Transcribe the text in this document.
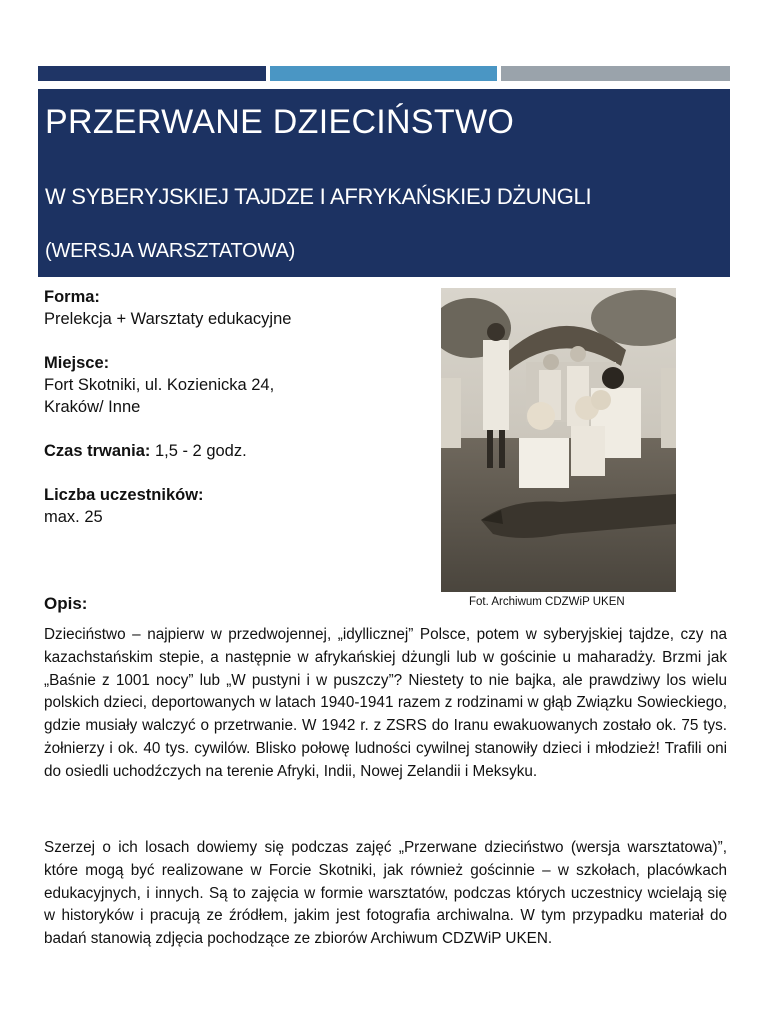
PRZERWANE DZIECIŃSTWO
W SYBERYJSKIEJ TAJDZE I AFRYKAŃSKIEJ DŻUNGLI
(WERSJA WARSZTATOWA)
Forma:
Prelekcja + Warsztaty edukacyjne
Miejsce:
Fort Skotniki, ul. Kozienicka 24,
Kraków/ Inne
Czas trwania: 1,5 - 2 godz.
Liczba uczestników:
max. 25
Fot. Archiwum CDZWiP UKEN
Opis:

Dzieciństwo – najpierw w przedwojennej, „idyllicznej” Polsce, potem w syberyjskiej tajdze, czy na kazachstańskim stepie, a następnie w afrykańskiej dżungli lub w gościnie u maharadży. Brzmi jak „Baśnie z 1001 nocy” lub „W pustyni i w puszczy”? Niestety to nie bajka, ale prawdziwy los wielu polskich dzieci, deportowanych w latach 1940-1941 razem z rodzinami w głąb Związku Sowieckiego, gdzie musiały walczyć o przetrwanie. W 1942 r. z ZSRS do Iranu ewakuowanych zostało ok. 75 tys. żołnierzy i ok. 40 tys. cywilów. Blisko połowę ludności cywilnej stanowiły dzieci i młodzież! Trafili oni do osiedli uchodźczych na terenie Afryki, Indii, Nowej Zelandii i Meksyku.

Szerzej o ich losach dowiemy się podczas zajęć „Przerwane dzieciństwo (wersja warsztatowa)”, które mogą być realizowane w Forcie Skotniki, jak również gościnnie – w szkołach, placówkach edukacyjnych, i innych. Są to zajęcia w formie warsztatów, podczas których uczestnicy wcielają się w historyków i pracują ze źródłem, jakim jest fotografia archiwalna. W tym przypadku materiał do badań stanowią zdjęcia pochodzące ze zbiorów Archiwum CDZWiP UKEN.
